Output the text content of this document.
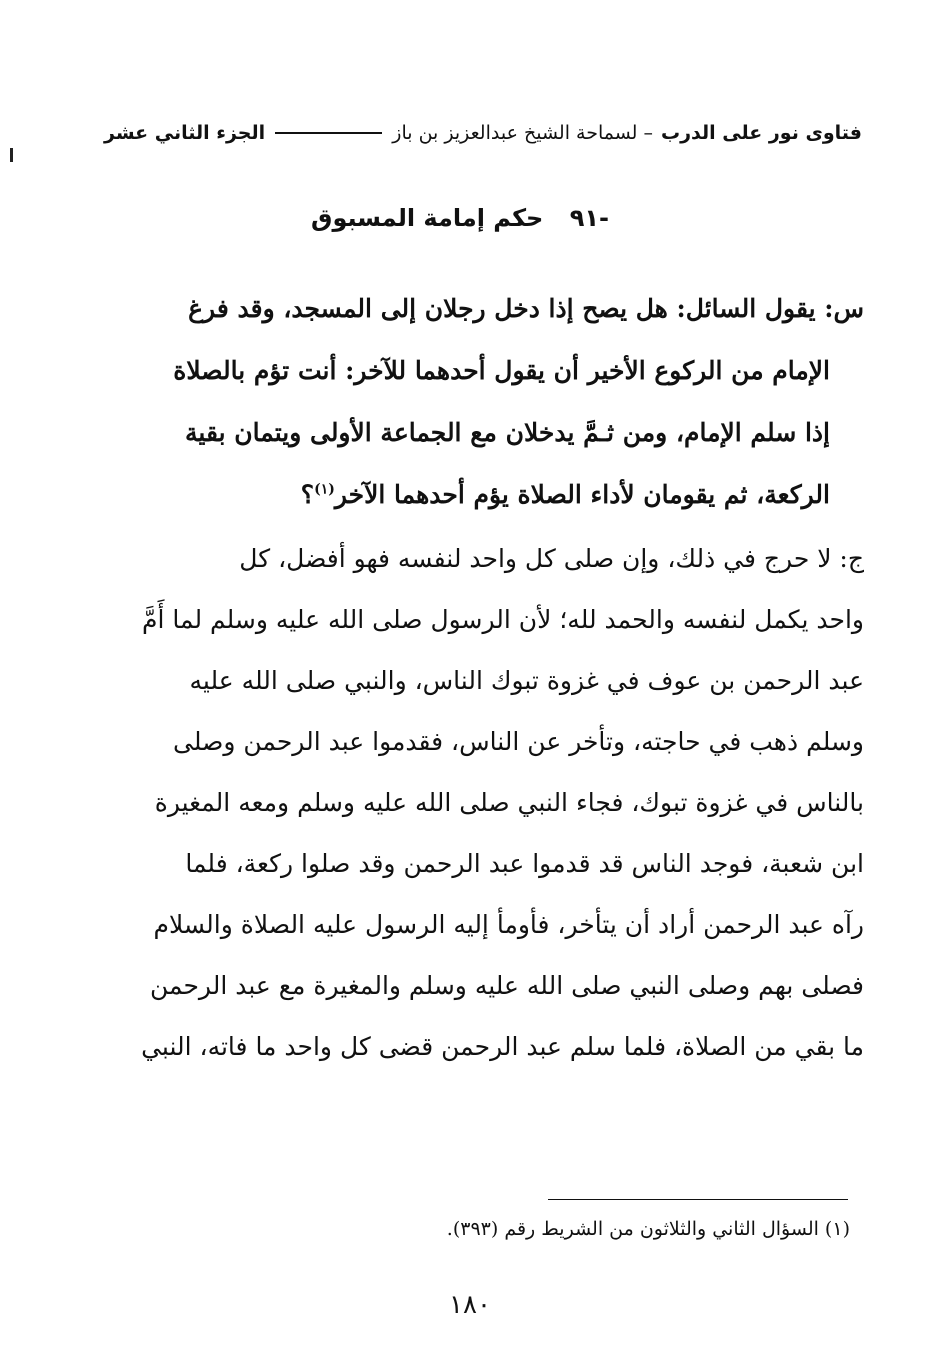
فتاوى نور على الدرب
– لسماحة الشيخ عبدالعزيز بن باز
الجزء الثاني عشر
-٩١ حكم إمامة المسبوق
س: يقول السائل: هل يصح إذا دخل رجلان إلى المسجد، وقد فرغ
الإمام من الركوع الأخير أن يقول أحدهما للآخر: أنت تؤم بالصلاة
إذا سلم الإمام، ومن ثـمَّ يدخلان مع الجماعة الأولى ويتمان بقية
الركعة، ثم يقومان لأداء الصلاة يؤم أحدهما الآخر$^{(١)}$؟
ج: لا حرج في ذلك، وإن صلى كل واحد لنفسه فهو أفضل، كل
واحد يكمل لنفسه والحمد لله؛ لأن الرسول صلى الله عليه وسلم لما أَمَّ
عبد الرحمن بن عوف في غزوة تبوك الناس، والنبي صلى الله عليه
وسلم ذهب في حاجته، وتأخر عن الناس، فقدموا عبد الرحمن وصلى
بالناس في غزوة تبوك، فجاء النبي صلى الله عليه وسلم ومعه المغيرة
ابن شعبة، فوجد الناس قد قدموا عبد الرحمن وقد صلوا ركعة، فلما
رآه عبد الرحمن أراد أن يتأخر، فأومأ إليه الرسول عليه الصلاة والسلام
فصلى بهم وصلى النبي صلى الله عليه وسلم والمغيرة مع عبد الرحمن
ما بقي من الصلاة، فلما سلم عبد الرحمن قضى كل واحد ما فاته، النبي
(١) السؤال الثاني والثلاثون من الشريط رقم (٣٩٣).
١٨٠
